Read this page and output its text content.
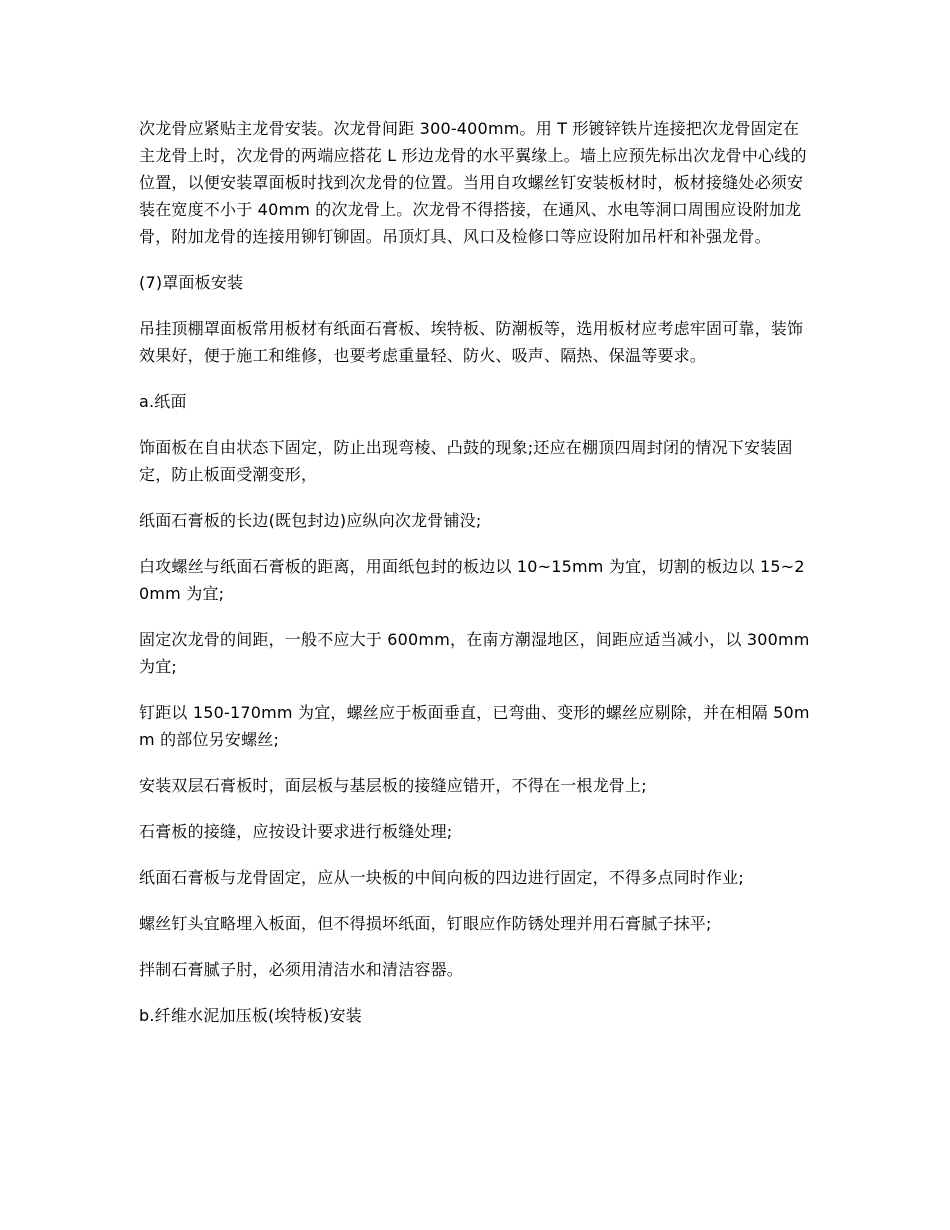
次龙骨应紧贴主龙骨安装。次龙骨间距 300-400mm。用 T 形镀锌铁片连接把次龙骨固定在主龙骨上时，次龙骨的两端应搭花 L 形边龙骨的水平翼缘上。墙上应预先标出次龙骨中心线的位置，以便安装罩面板时找到次龙骨的位置。当用自攻螺丝钉安装板材时，板材接缝处必须安装在宽度不小于 40mm 的次龙骨上。次龙骨不得搭接，在通风、水电等洞口周围应设附加龙骨，附加龙骨的连接用铆钉铆固。吊顶灯具、风口及检修口等应设附加吊杆和补强龙骨。

(7)罩面板安装

吊挂顶棚罩面板常用板材有纸面石膏板、埃特板、防潮板等，选用板材应考虑牢固可靠，装饰效果好，便于施工和维修，也要考虑重量轻、防火、吸声、隔热、保温等要求。

a.纸面

饰面板在自由状态下固定，防止出现弯棱、凸鼓的现象;还应在棚顶四周封闭的情况下安装固定，防止板面受潮变形，

纸面石膏板的长边(既包封边)应纵向次龙骨铺没;

白攻螺丝与纸面石膏板的距离，用面纸包封的板边以 10~15mm 为宜，切割的板边以 15~20mm 为宜;

固定次龙骨的间距，一般不应大于 600mm，在南方潮湿地区，间距应适当减小，以 300mm 为宜;

钉距以 150-170mm 为宜，螺丝应于板面垂直，已弯曲、变形的螺丝应剔除，并在相隔 50mm 的部位另安螺丝;

安装双层石膏板时，面层板与基层板的接缝应错开，不得在一根龙骨上;

石膏板的接缝，应按设计要求进行板缝处理;

纸面石膏板与龙骨固定，应从一块板的中间向板的四边进行固定，不得多点同时作业;

螺丝钉头宜略埋入板面，但不得损坏纸面，钉眼应作防锈处理并用石膏腻子抹平;

拌制石膏腻子肘，必须用清洁水和清洁容器。

b.纤维水泥加压板(埃特板)安装
